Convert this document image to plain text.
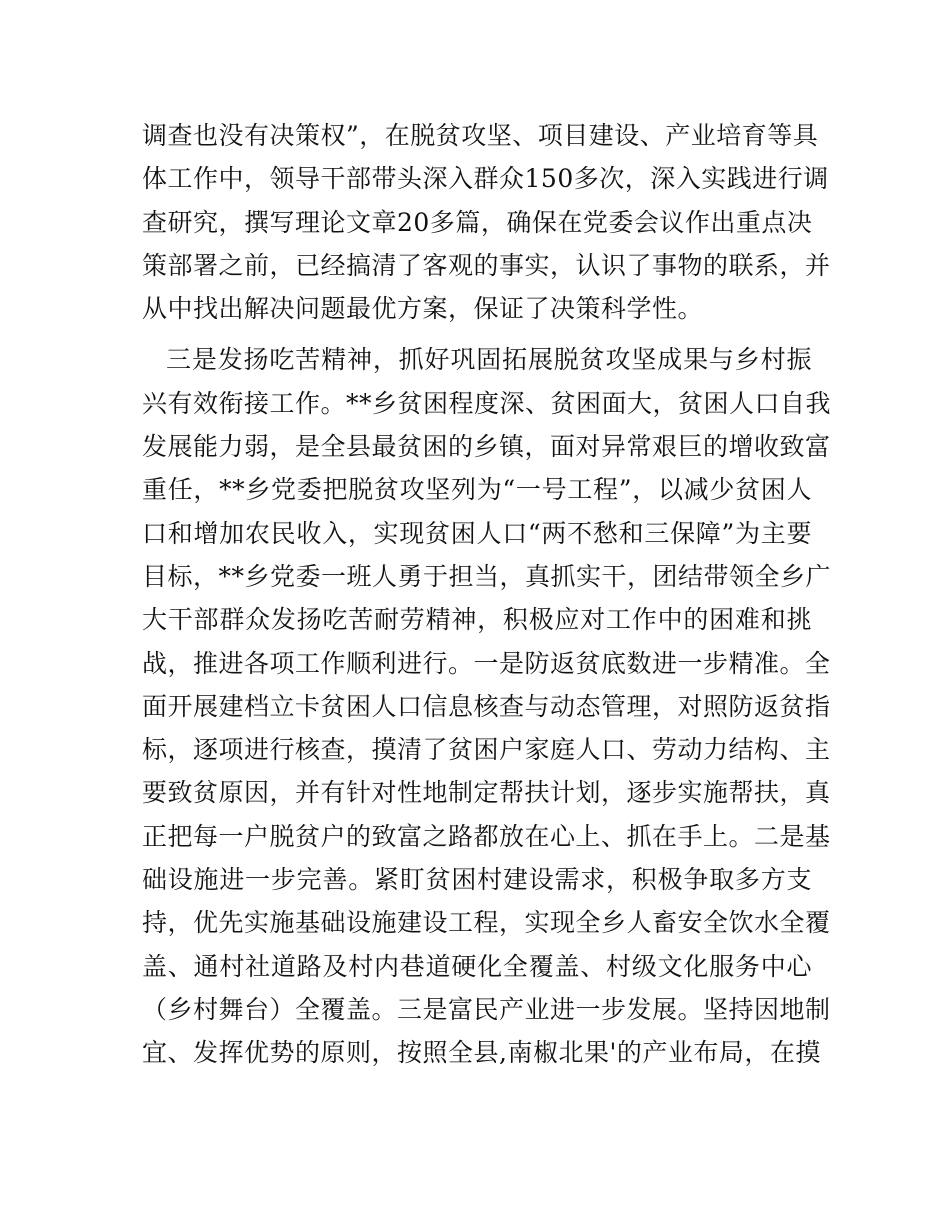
调查也没有决策权”，在脱贫攻坚、项目建设、产业培育等具
体工作中，领导干部带头深入群众150多次，深入实践进行调
查研究，撰写理论文章20多篇，确保在党委会议作出重点决
策部署之前，已经搞清了客观的事实，认识了事物的联系，并
从中找出解决问题最优方案，保证了决策科学性。
三是发扬吃苦精神，抓好巩固拓展脱贫攻坚成果与乡村振
兴有效衔接工作。**乡贫困程度深、贫困面大，贫困人口自我
发展能力弱，是全县最贫困的乡镇，面对异常艰巨的增收致富
重任，**乡党委把脱贫攻坚列为“一号工程”，以减少贫困人
口和增加农民收入，实现贫困人口“两不愁和三保障”为主要
目标，**乡党委一班人勇于担当，真抓实干，团结带领全乡广
大干部群众发扬吃苦耐劳精神，积极应对工作中的困难和挑
战，推进各项工作顺利进行。一是防返贫底数进一步精准。全
面开展建档立卡贫困人口信息核查与动态管理，对照防返贫指
标，逐项进行核查，摸清了贫困户家庭人口、劳动力结构、主
要致贫原因，并有针对性地制定帮扶计划，逐步实施帮扶，真
正把每一户脱贫户的致富之路都放在心上、抓在手上。二是基
础设施进一步完善。紧盯贫困村建设需求，积极争取多方支
持，优先实施基础设施建设工程，实现全乡人畜安全饮水全覆
盖、通村社道路及村内巷道硬化全覆盖、村级文化服务中心
（乡村舞台）全覆盖。三是富民产业进一步发展。坚持因地制
宜、发挥优势的原则，按照全县,南椒北果'的产业布局，在摸
